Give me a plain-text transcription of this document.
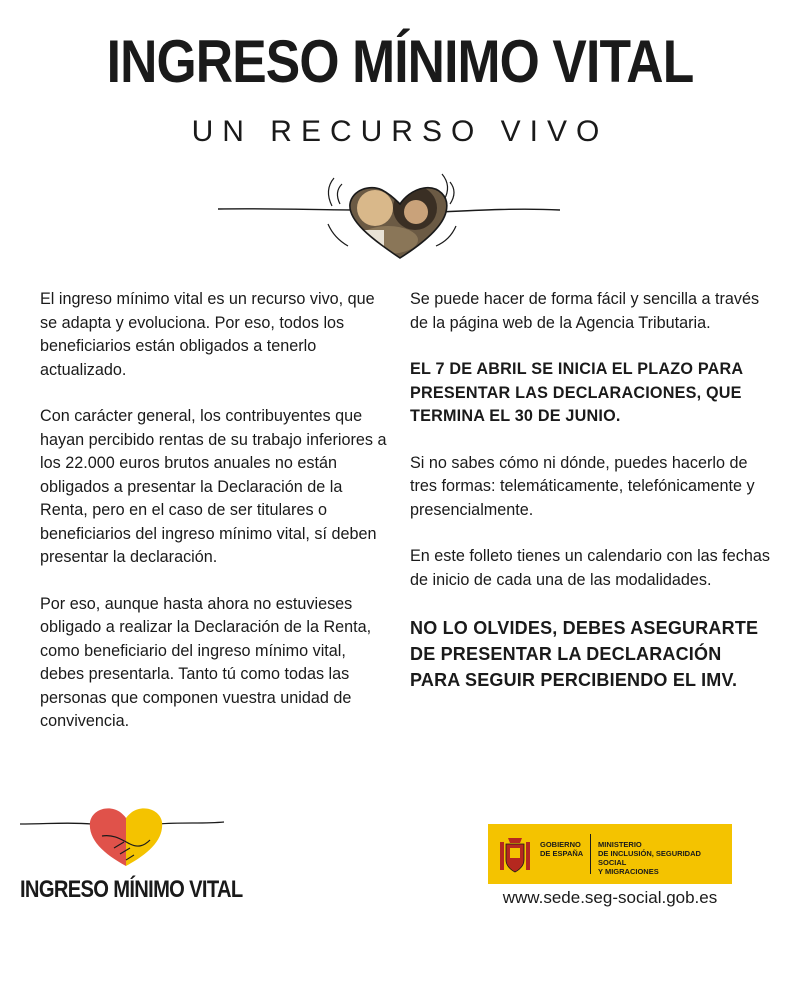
INGRESO MÍNIMO VITAL
UN RECURSO VIVO

El ingreso mínimo vital es un recurso vivo, que se adapta y evoluciona. Por eso, todos los beneficiarios están obligados a tenerlo actualizado.

Con carácter general, los contribuyentes que hayan percibido rentas de su trabajo inferiores a los 22.000 euros brutos anuales no están obligados a presentar la Declaración de la Renta, pero en el caso de ser titulares o beneficiarios del ingreso mínimo vital, sí deben presentar la declaración.

Por eso, aunque hasta ahora no estuvieses obligado a realizar la Declaración de la Renta, como beneficiario del ingreso mínimo vital, debes presentarla. Tanto tú como todas las personas que componen vuestra unidad de convivencia.

Se puede hacer de forma fácil y sencilla a través de la página web de la Agencia Tributaria.

EL 7 DE ABRIL SE INICIA EL PLAZO PARA PRESENTAR LAS DECLARACIONES, QUE TERMINA EL 30 DE JUNIO.

Si no sabes cómo ni dónde, puedes hacerlo de tres formas: telemáticamente, telefónicamente y presencialmente.

En este folleto tienes un calendario con las fechas de inicio de cada una de las modalidades.

NO LO OLVIDES, DEBES ASEGURARTE DE PRESENTAR LA DECLARACIÓN PARA SEGUIR PERCIBIENDO EL IMV.

INGRESO MÍNIMO VITAL
GOBIERNO
DE ESPAÑA
MINISTERIO
DE INCLUSIÓN, SEGURIDAD SOCIAL
Y MIGRACIONES
www.sede.seg-social.gob.es
